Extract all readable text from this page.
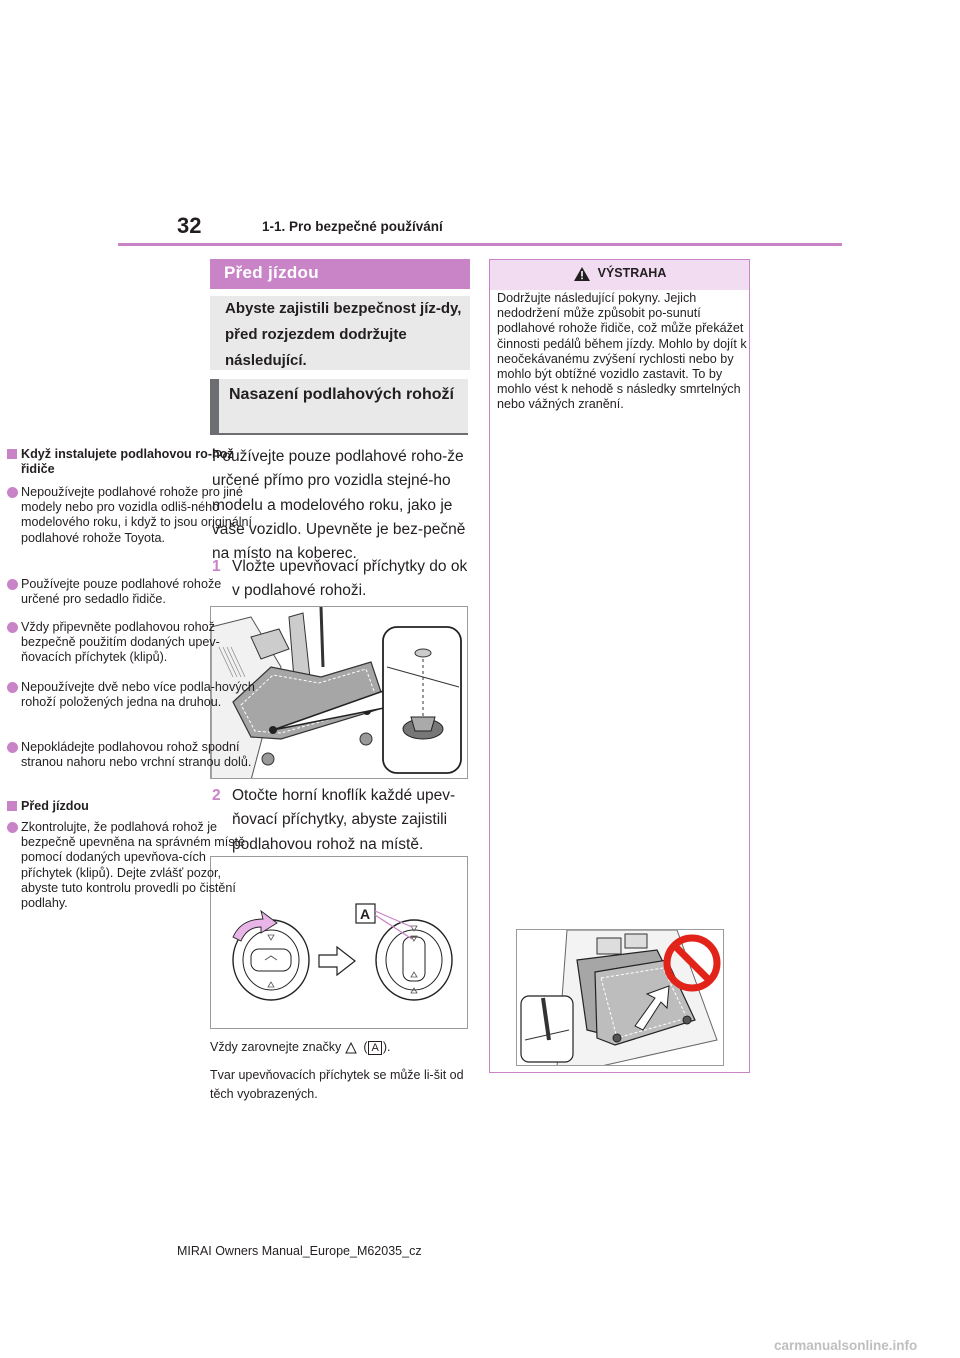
32	1-1. Pro bezpečné používání
Před jízdou
Abyste zajistili bezpečnost jíz-dy, před rozjezdem dodržujte následující.
Nasazení podlahových rohoží
Používejte pouze podlahové roho-že určené přímo pro vozidla stejné-ho modelu a modelového roku, jako je vaše vozidlo. Upevněte je bez-pečně na místo na koberec.
1 Vložte upevňovací příchytky do ok v podlahové rohoži.
2 Otočte horní knoflík každé upev-ňovací příchytky, abyste zajistili podlahovou rohož na místě.
A
Vždy zarovnejte značky ( A ).
Tvar upevňovacích příchytek se může li-šit od těch vyobrazených.
VÝSTRAHA
Dodržujte následující pokyny. Jejich nedodržení může způsobit po-sunutí podlahové rohože řidiče, což může překážet činnosti pedálů během jízdy. Mohlo by dojít k neočekávanému zvýšení rychlosti nebo by mohlo být obtížné vozidlo zastavit. To by mohlo vést k nehodě s následky smrtelných nebo vážných zranění.
Když instalujete podlahovou ro-hož řidiče
Nepoužívejte podlahové rohože pro jiné modely nebo pro vozidla odliš-ného modelového roku, i když to jsou originální podlahové rohože Toyota.
Používejte pouze podlahové rohože určené pro sedadlo řidiče.
Vždy připevněte podlahovou rohož bezpečně použitím dodaných upev-ňovacích příchytek (klipů).
Nepoužívejte dvě nebo více podla-hových rohoží položených jedna na druhou.
Nepokládejte podlahovou rohož spodní stranou nahoru nebo vrchní stranou dolů.
Před jízdou
Zkontrolujte, že podlahová rohož je bezpečně upevněna na správném místě pomocí dodaných upevňova-cích příchytek (klipů). Dejte zvlášť pozor, abyste tuto kontrolu provedli po čistění podlahy.
MIRAI Owners Manual_Europe_M62035_cz
carmanualsonline.info
